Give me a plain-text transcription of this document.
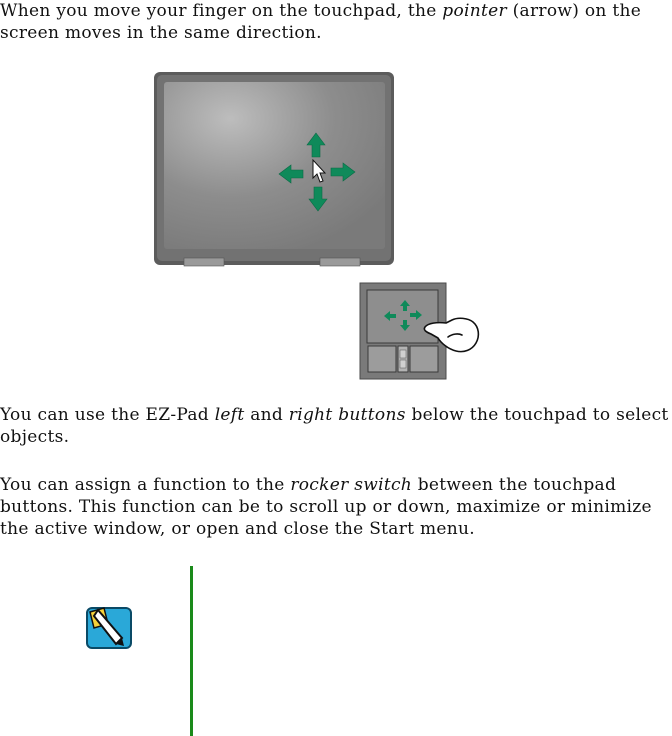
When you move your finger on the touchpad, the pointer (arrow) on the screen moves in the same direction.

You can use the EZ-Pad left and right buttons below the touchpad to select objects.

You can assign a function to the rocker switch between the touchpad buttons. This function can be to scroll up or down, maximize or minimize the active window, or open and close the Start menu.
